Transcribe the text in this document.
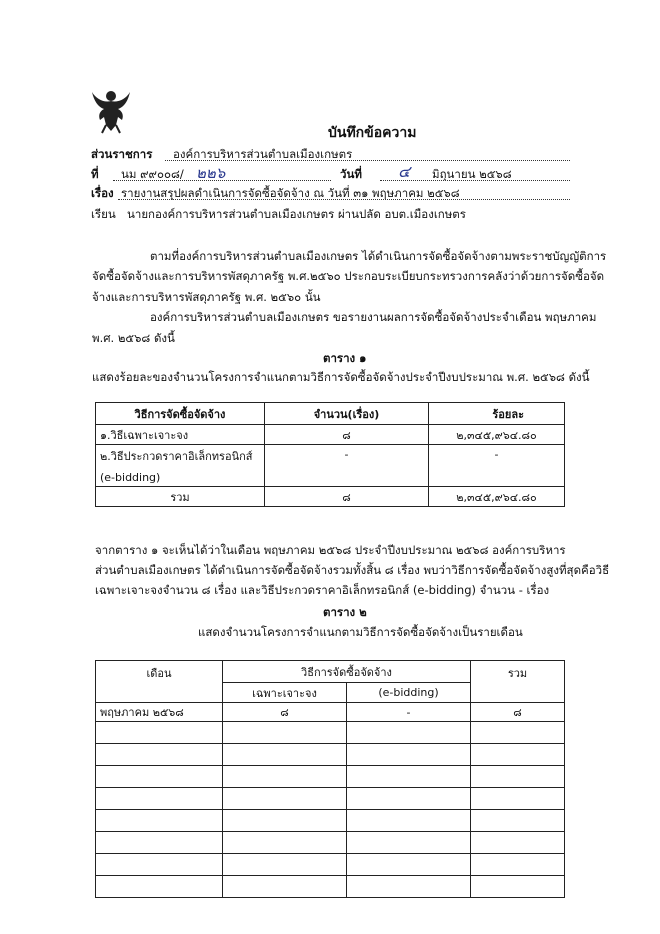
บันทึกข้อความ
ส่วนราชการ องค์การบริหารส่วนตำบลเมืองเกษตร
ที่ นม ๙๙๐๐๘/ ๒๒๖	วันที่ ๔ มิถุนายน ๒๕๖๘
เรื่อง รายงานสรุปผลดำเนินการจัดซื้อจัดจ้าง ณ วันที่ ๓๑ พฤษภาคม ๒๕๖๘
เรียน นายกองค์การบริหารส่วนตำบลเมืองเกษตร ผ่านปลัด อบต.เมืองเกษตร
ตามที่องค์การบริหารส่วนตำบลเมืองเกษตร ได้ดำเนินการจัดซื้อจัดจ้างตามพระราชบัญญัติการ
จัดซื้อจัดจ้างและการบริหารพัสดุภาครัฐ พ.ศ.๒๕๖๐ ประกอบระเบียบกระทรวงการคลังว่าด้วยการจัดซื้อจัด
จ้างและการบริหารพัสดุภาครัฐ พ.ศ. ๒๕๖๐ นั้น
องค์การบริหารส่วนตำบลเมืองเกษตร ขอรายงานผลการจัดซื้อจัดจ้างประจำเดือน พฤษภาคม
พ.ศ. ๒๕๖๘ ดังนี้
ตาราง ๑
แสดงร้อยละของจำนวนโครงการจำแนกตามวิธีการจัดซื้อจัดจ้างประจำปีงบประมาณ พ.ศ. ๒๕๖๘ ดังนี้
วิธีการจัดซื้อจัดจ้าง	จำนวน(เรื่อง)	ร้อยละ
๑.วิธีเฉพาะเจาะจง	๘	๒,๓๔๕,๙๖๔.๘๐

๒.วิธีประกวดราคาอิเล็กทรอนิกส์
(e-bidding)	-	-
รวม	๘	๒,๓๔๕,๙๖๔.๘๐
จากตาราง ๑ จะเห็นได้ว่าในเดือน พฤษภาคม ๒๕๖๘ ประจำปีงบประมาณ ๒๕๖๘ องค์การบริหาร
ส่วนตำบลเมืองเกษตร ได้ดำเนินการจัดซื้อจัดจ้างรวมทั้งสิ้น ๘ เรื่อง พบว่าวิธีการจัดซื้อจัดจ้างสูงที่สุดคือวิธี
เฉพาะเจาะจงจำนวน ๘ เรื่อง และวิธีประกวดราคาอิเล็กทรอนิกส์ (e-bidding) จำนวน - เรื่อง
ตาราง ๒
แสดงจำนวนโครงการจำแนกตามวิธีการจัดซื้อจัดจ้างเป็นรายเดือน
เดือน	วิธีการจัดซื้อจัดจ้าง		รวม
	เฉพาะเจาะจง	(e-bidding)	
พฤษภาคม ๒๕๖๘	๘	-	๘
